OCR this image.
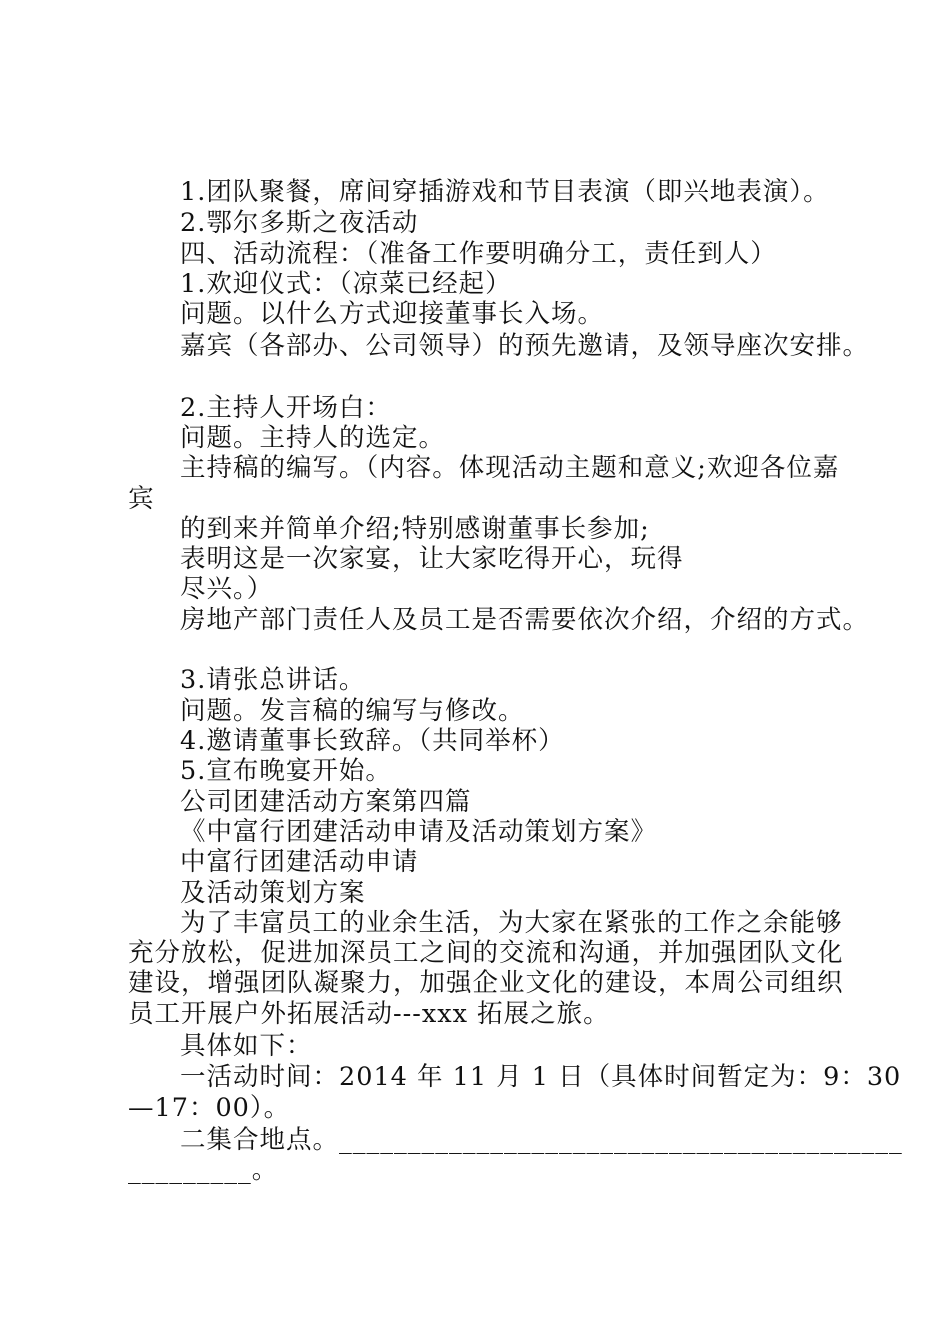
1.团队聚餐，席间穿插游戏和节目表演（即兴地表演）。
2.鄂尔多斯之夜活动
四、活动流程：（准备工作要明确分工，责任到人）
1.欢迎仪式：（凉菜已经起）
问题。以什么方式迎接董事长入场。
嘉宾（各部办、公司领导）的预先邀请，及领导座次安排。
2.主持人开场白：
问题。主持人的选定。
主持稿的编写。（内容。体现活动主题和意义;欢迎各位嘉
宾
的到来并简单介绍;特别感谢董事长参加;
表明这是一次家宴，让大家吃得开心，玩得
尽兴。）
房地产部门责任人及员工是否需要依次介绍，介绍的方式。
3.请张总讲话。
问题。发言稿的编写与修改。
4.邀请董事长致辞。（共同举杯）
5.宣布晚宴开始。
公司团建活动方案第四篇
《中富行团建活动申请及活动策划方案》
中富行团建活动申请
及活动策划方案
为了丰富员工的业余生活，为大家在紧张的工作之余能够
充分放松，促进加深员工之间的交流和沟通，并加强团队文化
建设，增强团队凝聚力，加强企业文化的建设，本周公司组织
员工开展户外拓展活动---xxx 拓展之旅。
具体如下：
一活动时间：2014 年 11 月 1 日（具体时间暂定为：9：30
—17：00）。
二集合地点。_________________________________________
_________。
